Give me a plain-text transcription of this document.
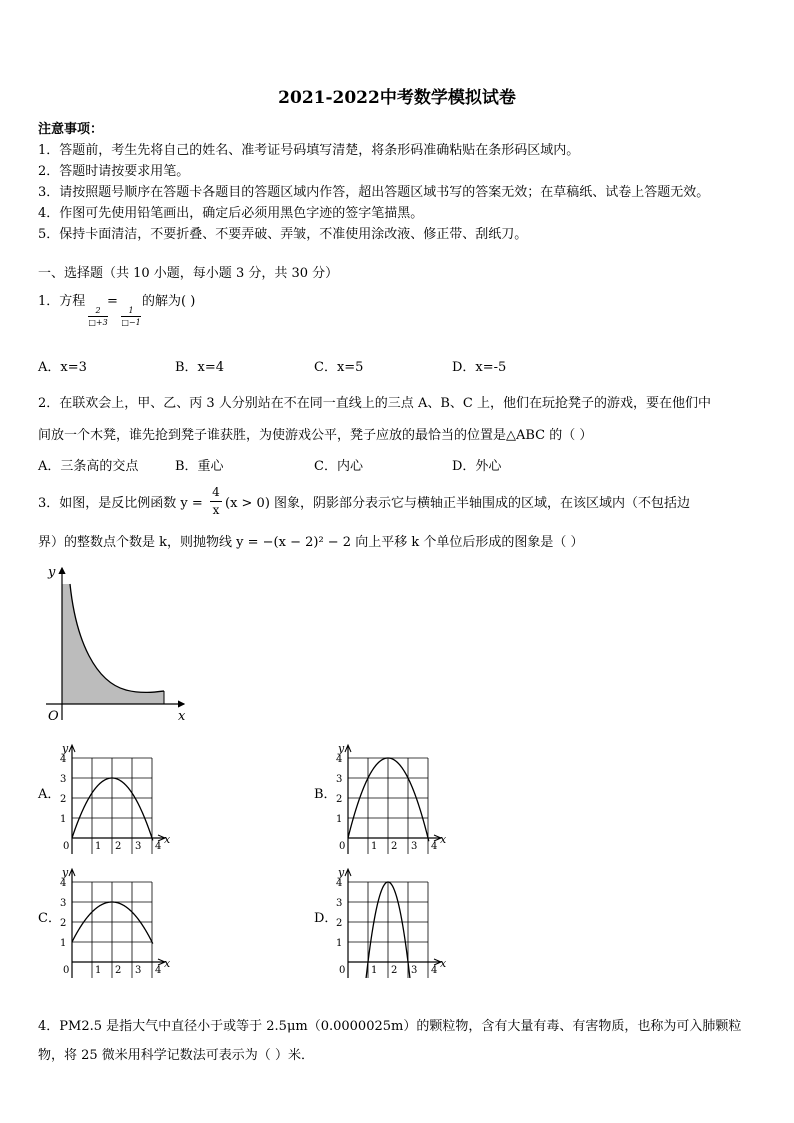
2021-2022中考数学模拟试卷
注意事项：
1．答题前，考生先将自己的姓名、准考证号码填写清楚，将条形码准确粘贴在条形码区域内。
2．答题时请按要求用笔。
3．请按照题号顺序在答题卡各题目的答题区域内作答，超出答题区域书写的答案无效；在草稿纸、试卷上答题无效。
4．作图可先使用铅笔画出，确定后必须用黑色字迹的签字笔描黑。
5．保持卡面清洁，不要折叠、不要弄破、弄皱，不准使用涂改液、修正带、刮纸刀。
一、选择题（共 10 小题，每小题 3 分，共 30 分）
1．方程
2
□+3
=
1
□−1
的解为( )
A．x=3	B．x=4	C．x=5	D．x=-5
2．在联欢会上，甲、乙、丙 3 人分别站在不在同一直线上的三点 A、B、C 上，他们在玩抢凳子的游戏，要在他们中
间放一个木凳，谁先抢到凳子谁获胜，为使游戏公平，凳子应放的最恰当的位置是△ABC 的（ ）
A．三条高的交点	B．重心	C．内心	D．外心
3．如图，是反比例函数 y =
4
x (x > 0) 图象，阴影部分表示它与横轴正半轴围成的区域，在该区域内（不包括边
界）的整数点个数是 k，则抛物线 y = −(x − 2)² − 2 向上平移 k 个单位后形成的图象是（ ）
y
x
O
A．
4
3
2
1
0	1 2 3 4
x
y
B．
4
3
2
1
0	1 2 3 4
x
y
C．
4
3
2
1
0	1 2 3 4
x
y
D．
4
3
2
1
0	1 2 3 4
x
y
4．PM2.5 是指大气中直径小于或等于 2.5μm（0.0000025m）的颗粒物，含有大量有毒、有害物质，也称为可入肺颗粒
物，将 25 微米用科学记数法可表示为（ ）米．
